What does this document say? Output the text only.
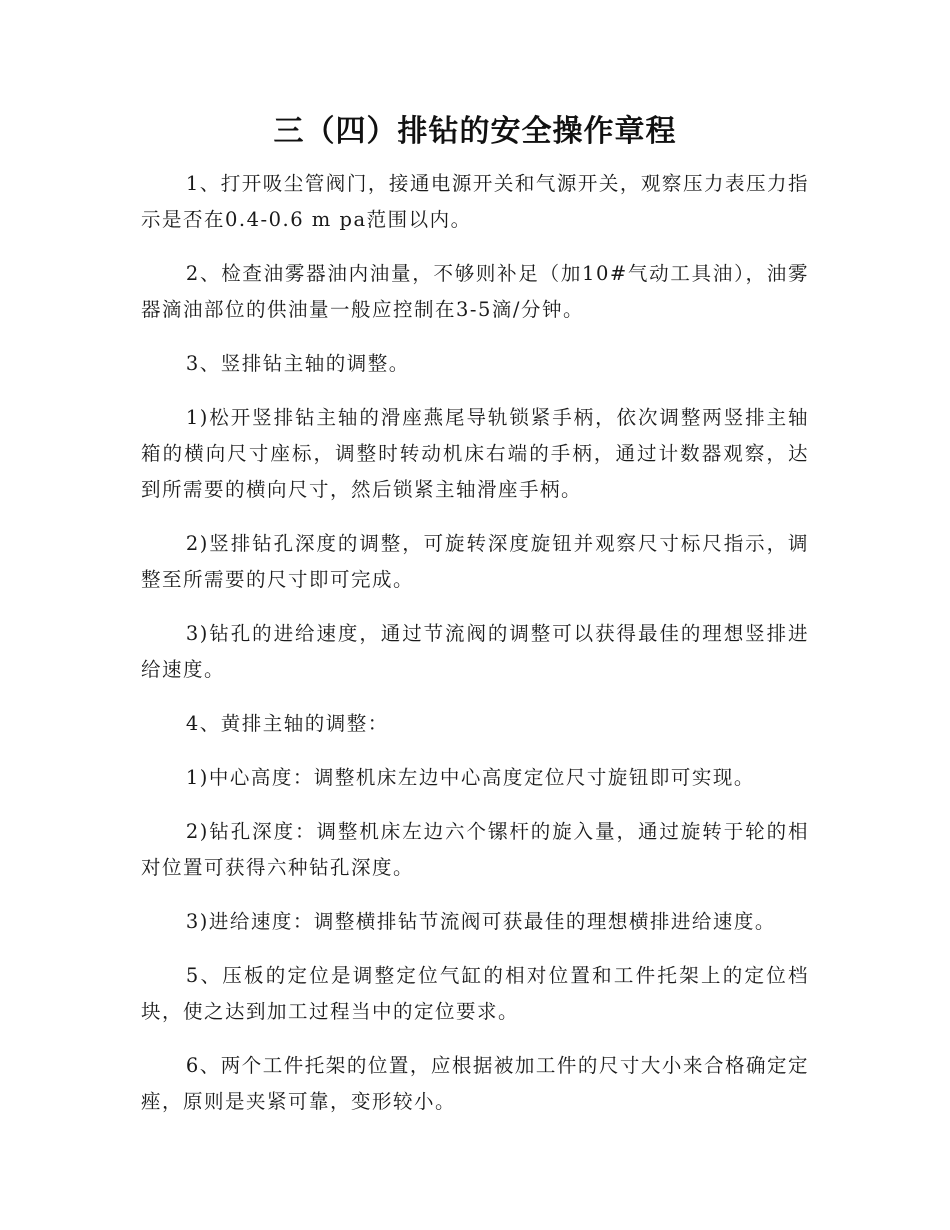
三（四）排钻的安全操作章程

1、打开吸尘管阀门，接通电源开关和气源开关，观察压力表压力指示是否在0.4-0.6 m pa范围以内。

2、检查油雾器油内油量，不够则补足（加10#气动工具油），油雾器滴油部位的供油量一般应控制在3-5滴/分钟。

3、竖排钻主轴的调整。

1)松开竖排钻主轴的滑座燕尾导轨锁紧手柄，依次调整两竖排主轴箱的横向尺寸座标，调整时转动机床右端的手柄，通过计数器观察，达到所需要的横向尺寸，然后锁紧主轴滑座手柄。

2)竖排钻孔深度的调整，可旋转深度旋钮并观察尺寸标尺指示，调整至所需要的尺寸即可完成。

3)钻孔的进给速度，通过节流阀的调整可以获得最佳的理想竖排进给速度。

4、黄排主轴的调整：

1)中心高度：调整机床左边中心高度定位尺寸旋钮即可实现。

2)钻孔深度：调整机床左边六个镙杆的旋入量，通过旋转于轮的相对位置可获得六种钻孔深度。

3)进给速度：调整横排钻节流阀可获最佳的理想横排进给速度。

5、压板的定位是调整定位气缸的相对位置和工件托架上的定位档块，使之达到加工过程当中的定位要求。

6、两个工件托架的位置，应根据被加工件的尺寸大小来合格确定定痤，原则是夹紧可靠，变形较小。
